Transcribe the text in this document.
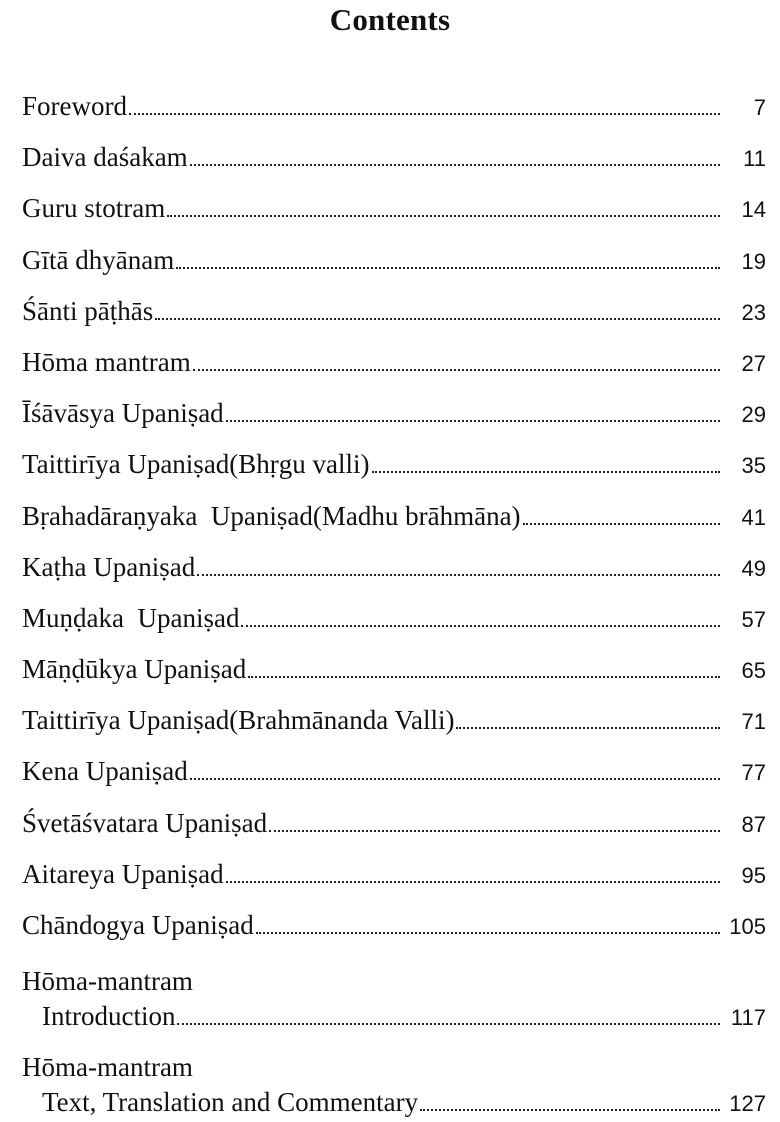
Contents
Foreword	7
Daiva daśakam	11
Guru stotram	14
Gītā dhyānam	19
Śānti pāṭhās	23
Hōma mantram	27
Īśāvāsya Upaniṣad	29
Taittirīya Upaniṣad(Bhṛgu valli)	35
Bṛahadāraṇyaka  Upaniṣad(Madhu brāhmāna)	41
Kaṭha Upaniṣad	49
Muṇḍaka  Upaniṣad	57
Māṇḍūkya Upaniṣad	65
Taittirīya Upaniṣad(Brahmānanda Valli)	71
Kena Upaniṣad	77
Śvetāśvatara Upaniṣad	87
Aitareya Upaniṣad	95
Chāndogya Upaniṣad	105
Hōma-mantram
Introduction	117
Hōma-mantram
Text, Translation and Commentary	127
